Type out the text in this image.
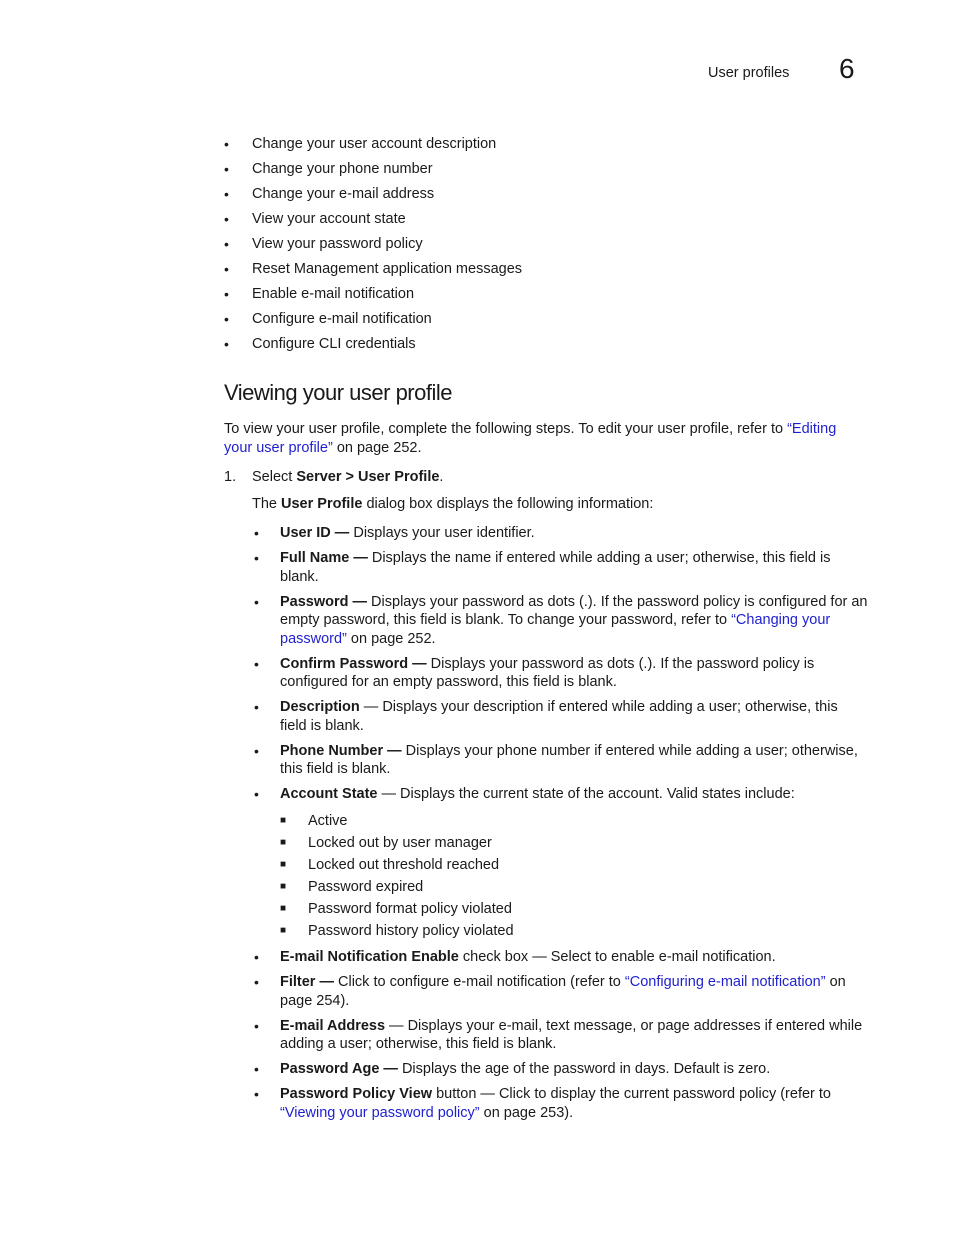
User profiles 6
• Change your user account description
• Change your phone number
• Change your e-mail address
• View your account state
• View your password policy
• Reset Management application messages
• Enable e-mail notification
• Configure e-mail notification
• Configure CLI credentials
Viewing your user profile

To view your user profile, complete the following steps. To edit your user profile, refer to “Editing your user profile” on page 252.

1. Select Server > User Profile.
The User Profile dialog box displays the following information:
• User ID — Displays your user identifier.
• Full Name — Displays the name if entered while adding a user; otherwise, this field is blank.
• Password — Displays your password as dots (.). If the password policy is configured for an empty password, this field is blank. To change your password, refer to “Changing your password” on page 252.
• Confirm Password — Displays your password as dots (.). If the password policy is configured for an empty password, this field is blank.
• Description — Displays your description if entered while adding a user; otherwise, this field is blank.
• Phone Number — Displays your phone number if entered while adding a user; otherwise, this field is blank.
• Account State — Displays the current state of the account. Valid states include:
■ Active
■ Locked out by user manager
■ Locked out threshold reached
■ Password expired
■ Password format policy violated
■ Password history policy violated
• E-mail Notification Enable check box — Select to enable e-mail notification.
• Filter — Click to configure e-mail notification (refer to “Configuring e-mail notification” on page 254).
• E-mail Address — Displays your e-mail, text message, or page addresses if entered while adding a user; otherwise, this field is blank.
• Password Age — Displays the age of the password in days. Default is zero.
• Password Policy View button — Click to display the current password policy (refer to “Viewing your password policy” on page 253).
